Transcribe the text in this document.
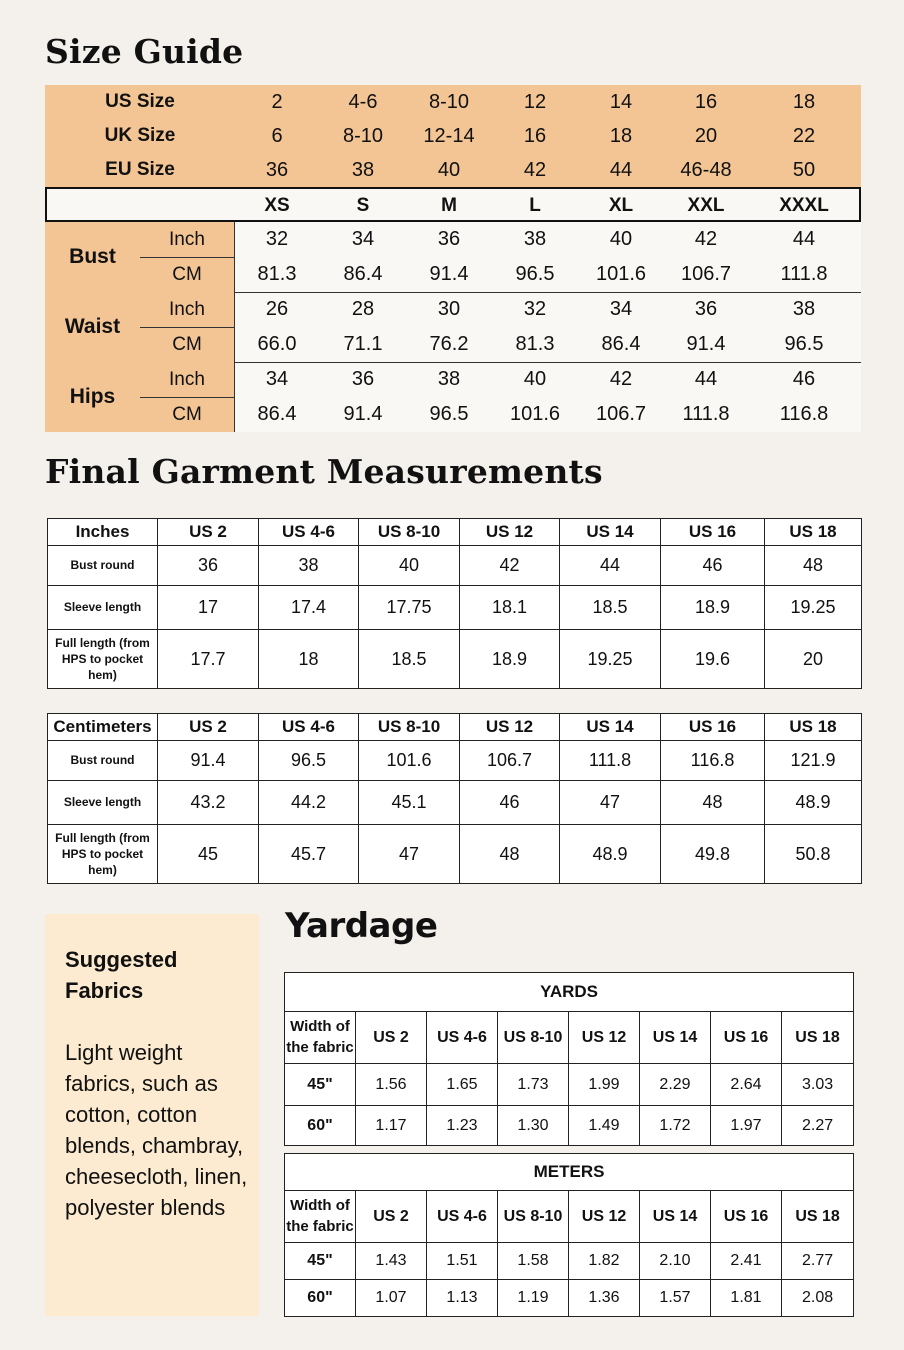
Size Guide
US Size	2	4-6	8-10	12	14	16	18
UK Size	6	8-10	12-14	16	18	20	22
EU Size	36	38	40	42	44	46-48	50
XS	S	M	L	XL	XXL	XXXL
Bust
Inch	32	34	36	38	40	42	44
CM	81.3	86.4	91.4	96.5	101.6	106.7	111.8
Waist
Inch	26	28	30	32	34	36	38
CM	66.0	71.1	76.2	81.3	86.4	91.4	96.5
Hips
Inch	34	36	38	40	42	44	46
CM	86.4	91.4	96.5	101.6	106.7	111.8	116.8
Final Garment Measurements
Inches	US 2	US 4-6	US 8-10	US 12	US 14	US 16	US 18
Bust round	36	38	40	42	44	46	48
Sleeve length	17	17.4	17.75	18.1	18.5	18.9	19.25
Full length (from HPS to pocket hem)	17.7	18	18.5	18.9	19.25	19.6	20
Centimeters	US 2	US 4-6	US 8-10	US 12	US 14	US 16	US 18
Bust round	91.4	96.5	101.6	106.7	111.8	116.8	121.9
Sleeve length	43.2	44.2	45.1	46	47	48	48.9
Full length (from HPS to pocket hem)	45	45.7	47	48	48.9	49.8	50.8
Suggested Fabrics
Light weight fabrics, such as cotton, cotton blends, chambray, cheesecloth, linen, polyester blends
Yardage
YARDS							
Width of the fabric	US 2	US 4-6	US 8-10	US 12	US 14	US 16	US 18
45"	1.56	1.65	1.73	1.99	2.29	2.64	3.03
60"	1.17	1.23	1.30	1.49	1.72	1.97	2.27
METERS							
Width of the fabric	US 2	US 4-6	US 8-10	US 12	US 14	US 16	US 18
45"	1.43	1.51	1.58	1.82	2.10	2.41	2.77
60"	1.07	1.13	1.19	1.36	1.57	1.81	2.08
